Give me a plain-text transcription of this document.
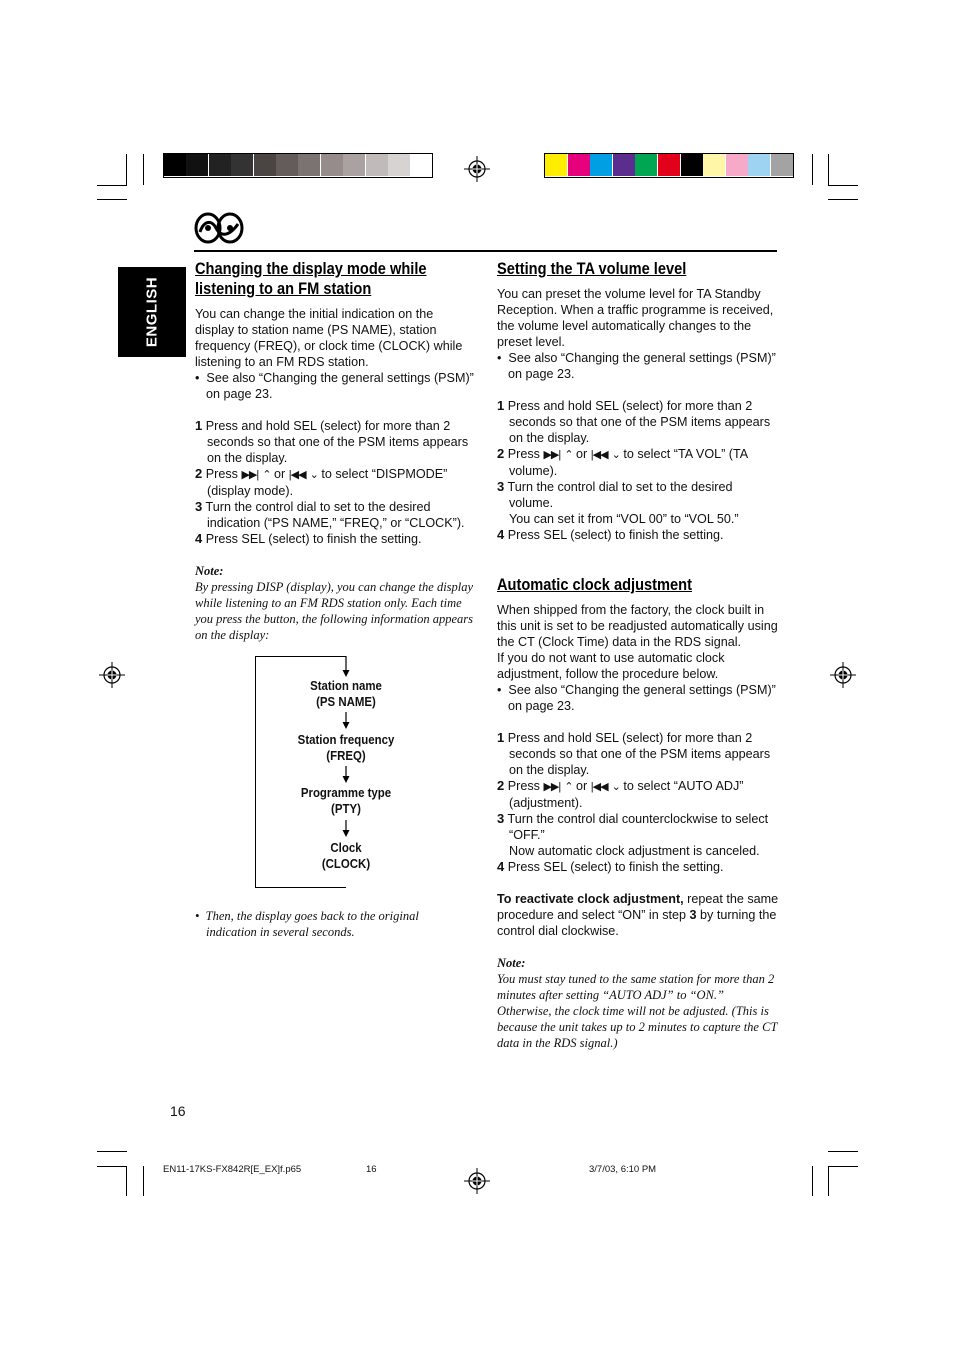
ENGLISH
Changing the display mode while
listening to an FM station

You can change the initial indication on the display to station name (PS NAME), station frequency (FREQ), or clock time (CLOCK) while listening to an FM RDS station.

•  See also “Changing the general settings (PSM)” on page 23.

1 Press and hold SEL (select) for more than 2 seconds so that one of the PSM items appears on the display.

2 Press ▶▶|  ⌃ or |◀◀  ⌄ to select “DISPMODE” (display mode).

3 Turn the control dial to set to the desired indication (“PS NAME,” “FREQ,” or “CLOCK”).

4 Press SEL (select) to finish the setting.

Note:

By pressing DISP (display), you can change the display while listening to an FM RDS station only. Each time you press the button, the following information appears on the display:

Station name
(PS NAME)
Station frequency
(FREQ)
Programme type
(PTY)
Clock
(CLOCK)

•  Then, the display goes back to the original indication in several seconds.

Setting the TA volume level

You can preset the volume level for TA Standby Reception. When a traffic programme is received, the volume level automatically changes to the preset level.

•  See also “Changing the general settings (PSM)” on page 23.

1 Press and hold SEL (select) for more than 2 seconds so that one of the PSM items appears on the display.

2 Press ▶▶|  ⌃ or |◀◀  ⌄ to select “TA VOL” (TA volume).

3 Turn the control dial to set to the desired volume.
You can set it from “VOL 00” to “VOL 50.”

4 Press SEL (select) to finish the setting.

Automatic clock adjustment

When shipped from the factory, the clock built in this unit is set to be readjusted automatically using the CT (Clock Time) data in the RDS signal.

If you do not want to use automatic clock adjustment, follow the procedure below.

•  See also “Changing the general settings (PSM)” on page 23.

1 Press and hold SEL (select) for more than 2 seconds so that one of the PSM items appears on the display.

2 Press ▶▶|  ⌃ or |◀◀  ⌄ to select “AUTO ADJ” (adjustment).

3 Turn the control dial counterclockwise to select “OFF.”
Now automatic clock adjustment is canceled.

4 Press SEL (select) to finish the setting.

To reactivate clock adjustment, repeat the same procedure and select “ON” in step 3 by turning the control dial clockwise.

Note:

You must stay tuned to the same station for more than 2 minutes after setting “AUTO ADJ” to “ON.” Otherwise, the clock time will not be adjusted. (This is because the unit takes up to 2 minutes to capture the CT data in the RDS signal.)

16
EN11-17KS-FX842R[E_EX]f.p65	16	3/7/03, 6:10 PM
